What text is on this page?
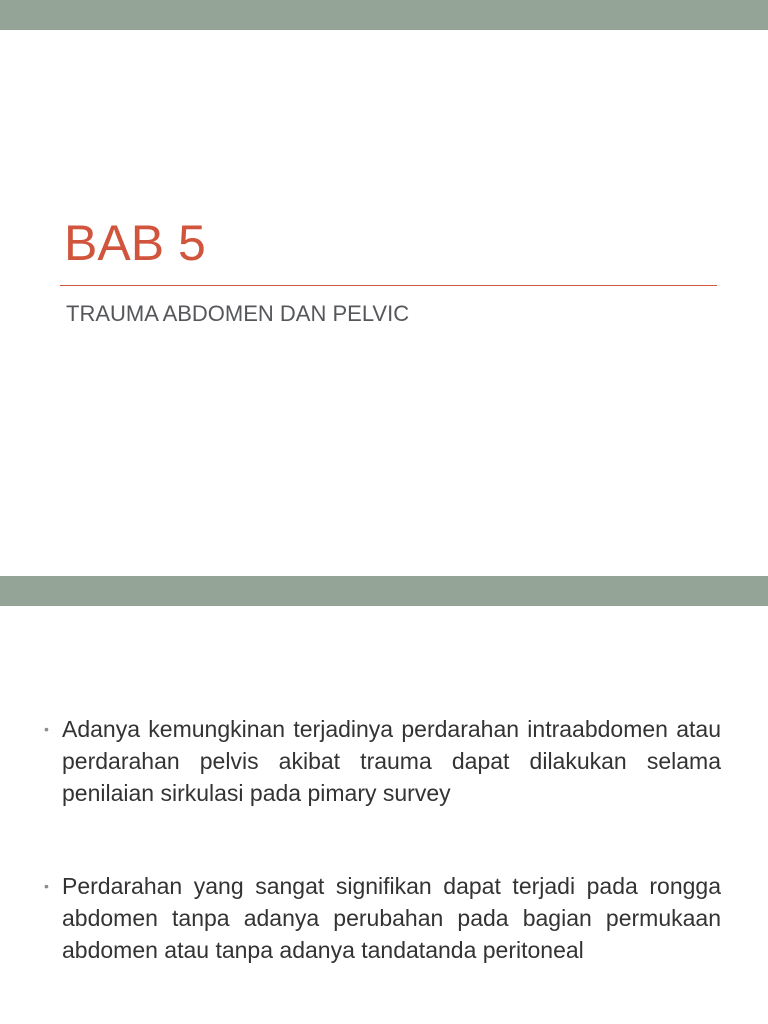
BAB 5
TRAUMA ABDOMEN DAN PELVIC
• Adanya kemungkinan terjadinya perdarahan intraabdomen atau perdarahan pelvis akibat trauma dapat dilakukan selama penilaian sirkulasi pada pimary survey
• Perdarahan yang sangat signifikan dapat terjadi pada rongga abdomen tanpa adanya perubahan pada bagian permukaan abdomen atau tanpa adanya tandatanda peritoneal
